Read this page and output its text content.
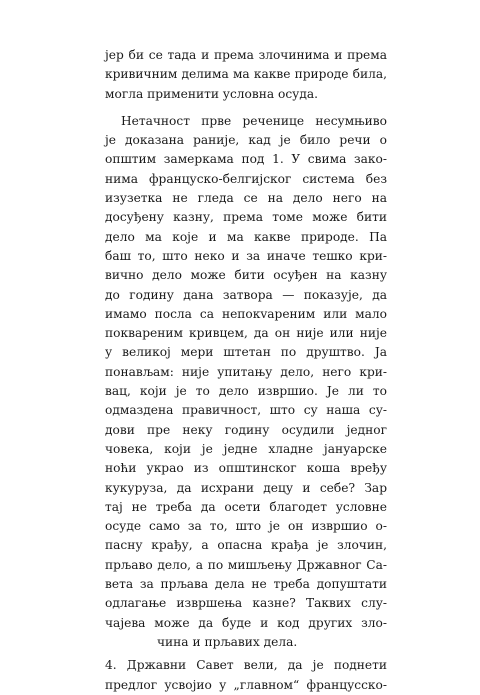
јер би се тада и према злочинима и према
кривичним делима ма какве природе била,
могла применити условна осуда.
Нетачност прве реченице несумњиво
је доказана раније, кад је било речи о
општим замеркама под 1. У свима зако-
нима француско-белгијског система без
изузетка не гледа се на дело него на
досуђену казну, према томе може бити
дело ма које и ма какве природе. Па
баш то, што неко и за иначе тешко кри-
вично дело може бити осуђен на казну
до годину дана затвора — показује, да
имамо посла са непокvареним или мало
поквареним кривцем, да он није или није
у великој мери штетан по друштво. Ја
понављам: није упитању дело, него кри-
вац, који је то дело извршио. Је ли то
одмаздена правичност, што су наша су-
дови пре неку годину осудили једног
човека, који је једне хладне јануарске
ноћи украо из општинског коша вређу
кукуруза, да исхрани децу и себе? Зар
тај не треба да осети благодет условне
осуде само за то, што је он извршио о-
пасну крађу, а опасна крађа је злочин,
прљаво дело, а по мишљењу Државног Са-
вета за прљава дела не треба допуштати
одлагање извршења казне? Таквих слу-
чајева може да буде и код других зло-
чина и прљавих дела.
4. Државни Савет вели, да је поднети
предлог усвојио у „главном“ францусско-
